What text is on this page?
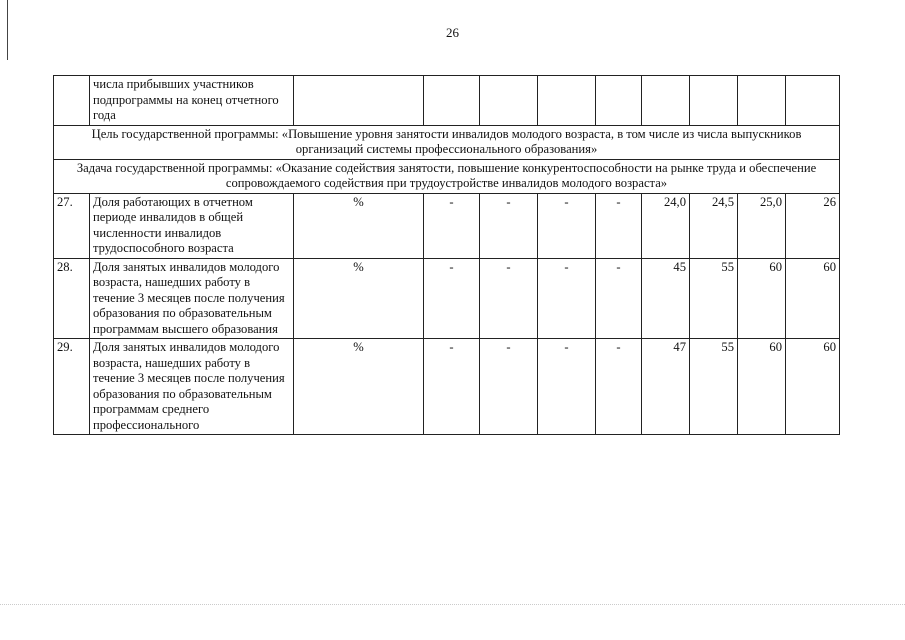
26
	числа прибывших участников подпрограммы на конец отчетного года									
Цель государственной программы: «Повышение уровня занятости инвалидов молодого возраста, в том числе из числа выпускников организаций системы профессионального образования»										
Задача государственной программы: «Оказание содействия занятости, повышение конкурентоспособности на рынке труда и обеспечение сопровождаемого содействия при трудоустройстве инвалидов молодого возраста»										
27.	Доля работающих в отчетном периоде инвалидов в общей численности инвалидов трудоспособного возраста	%	-	-	-	-	24,0	24,5	25,0	26
28.	Доля занятых инвалидов молодого возраста, нашедших работу в течение 3 месяцев после получения образования по образовательным программам высшего образования	%	-	-	-	-	45	55	60	60
29.	Доля занятых инвалидов молодого возраста, нашедших работу в течение 3 месяцев после получения образования по образовательным программам среднего профессионального	%	-	-	-	-	47	55	60	60
